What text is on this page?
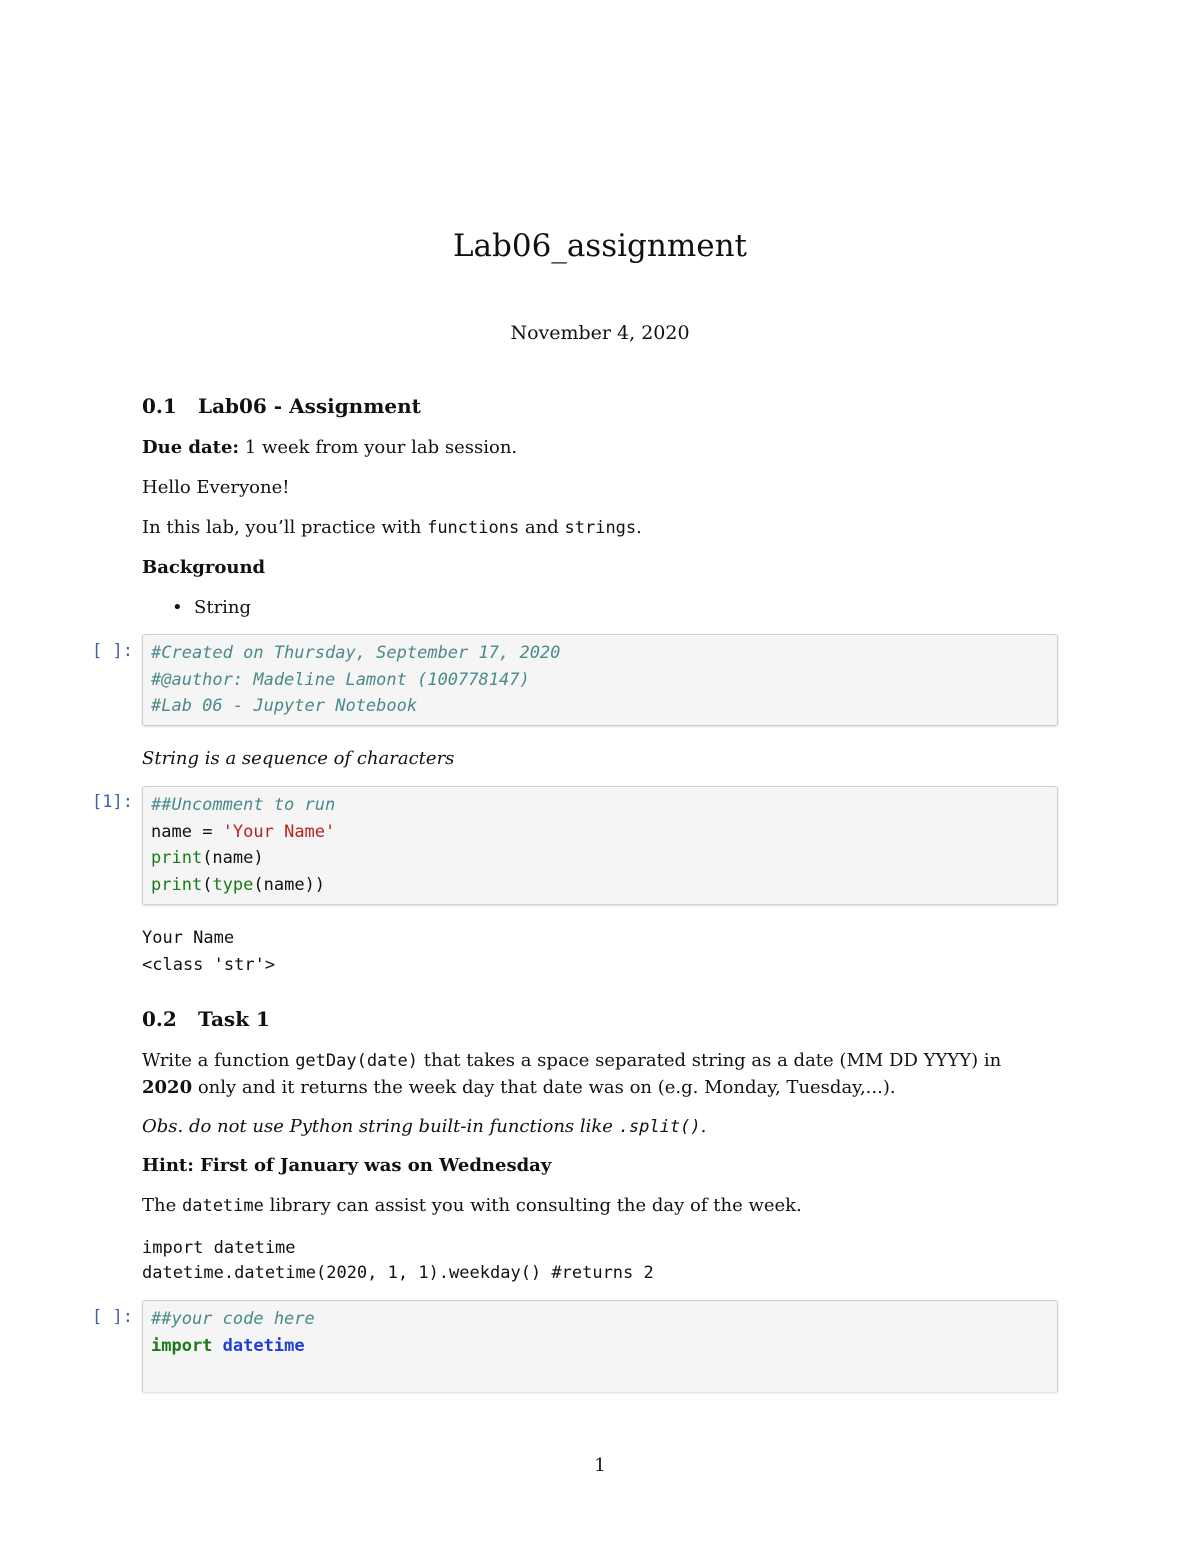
Lab06_assignment
November 4, 2020
0.1 Lab06 - Assignment
Due date: 1 week from your lab session.
Hello Everyone!
In this lab, you’ll practice with functions and strings.
Background
• String
[ ]: #Created on Thursday, September 17, 2020
#@author: Madeline Lamont (100778147)
#Lab 06 - Jupyter Notebook
String is a sequence of characters
[1]: ##Uncomment to run
name = 'Your Name'
print(name)
print(type(name))
Your Name
<class 'str'>
0.2 Task 1
Write a function getDay(date) that takes a space separated string as a date (MM DD YYYY) in
2020 only and it returns the week day that date was on (e.g. Monday, Tuesday,...).
Obs. do not use Python string built-in functions like .split().
Hint: First of January was on Wednesday
The datetime library can assist you with consulting the day of the week.
import datetime
datetime.datetime(2020, 1, 1).weekday() #returns 2
[ ]: ##your code here
import datetime
1
